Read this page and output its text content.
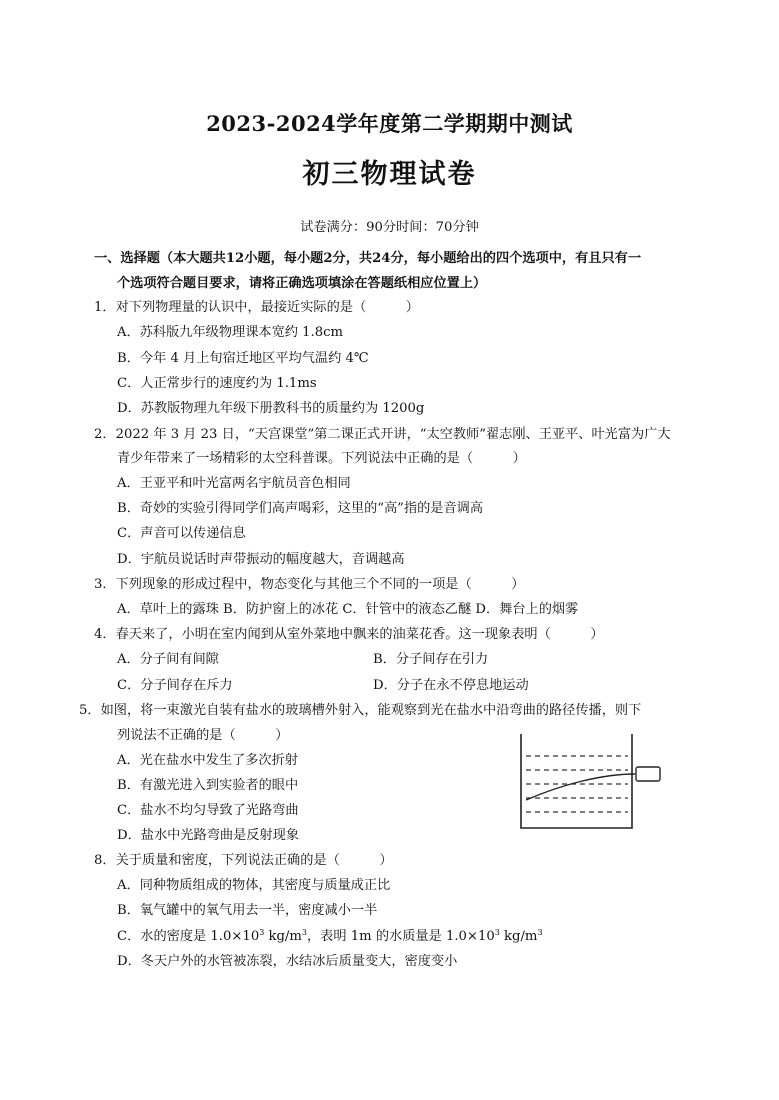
2023-2024学年度第二学期期中测试
初三物理试卷
试卷满分：90分时间：70分钟
一、选择题（本大题共12小题，每小题2分，共24分，每小题给出的四个选项中，有且只有一
个选项符合题目要求，请将正确选项填涂在答题纸相应位置上）
1．对下列物理量的认识中，最接近实际的是（　　　）
A．苏科版九年级物理课本宽约 1.8cm
B．今年 4 月上旬宿迁地区平均气温约 4℃
C．人正常步行的速度约为 1.1ms
D．苏教版物理九年级下册教科书的质量约为 1200g
2．2022 年 3 月 23 日，“天宫课堂”第二课正式开讲，“太空教师”翟志刚、王亚平、叶光富为广大
青少年带来了一场精彩的太空科普课。下列说法中正确的是（　　　）
A．王亚平和叶光富两名宇航员音色相同
B．奇妙的实验引得同学们高声喝彩，这里的“高”指的是音调高
C．声音可以传递信息
D．宇航员说话时声带振动的幅度越大，音调越高
3．下列现象的形成过程中，物态变化与其他三个不同的一项是（　　　）
A．草叶上的露珠 B．防护窗上的冰花 C．针管中的液态乙醚 D．舞台上的烟雾
4．春天来了，小明在室内闻到从室外菜地中飘来的油菜花香。这一现象表明（　　　）
A．分子间有间隙	B．分子间存在引力
C．分子间存在斥力	D．分子在永不停息地运动
5．如图，将一束激光自装有盐水的玻璃槽外射入，能观察到光在盐水中沿弯曲的路径传播，则下
列说法不正确的是（　　　）
A．光在盐水中发生了多次折射
B．有激光进入到实验者的眼中
C．盐水不均匀导致了光路弯曲
D．盐水中光路弯曲是反射现象
8．关于质量和密度，下列说法正确的是（　　　）
A．同种物质组成的物体，其密度与质量成正比
B．氧气罐中的氧气用去一半，密度减小一半
C．水的密度是 $1.0\times 10^3$ $kg/m^3$，表明 1m 的水质量是 $1.0\times 10^3$ $kg/m^3$
D．冬天户外的水管被冻裂，水结冰后质量变大，密度变小
